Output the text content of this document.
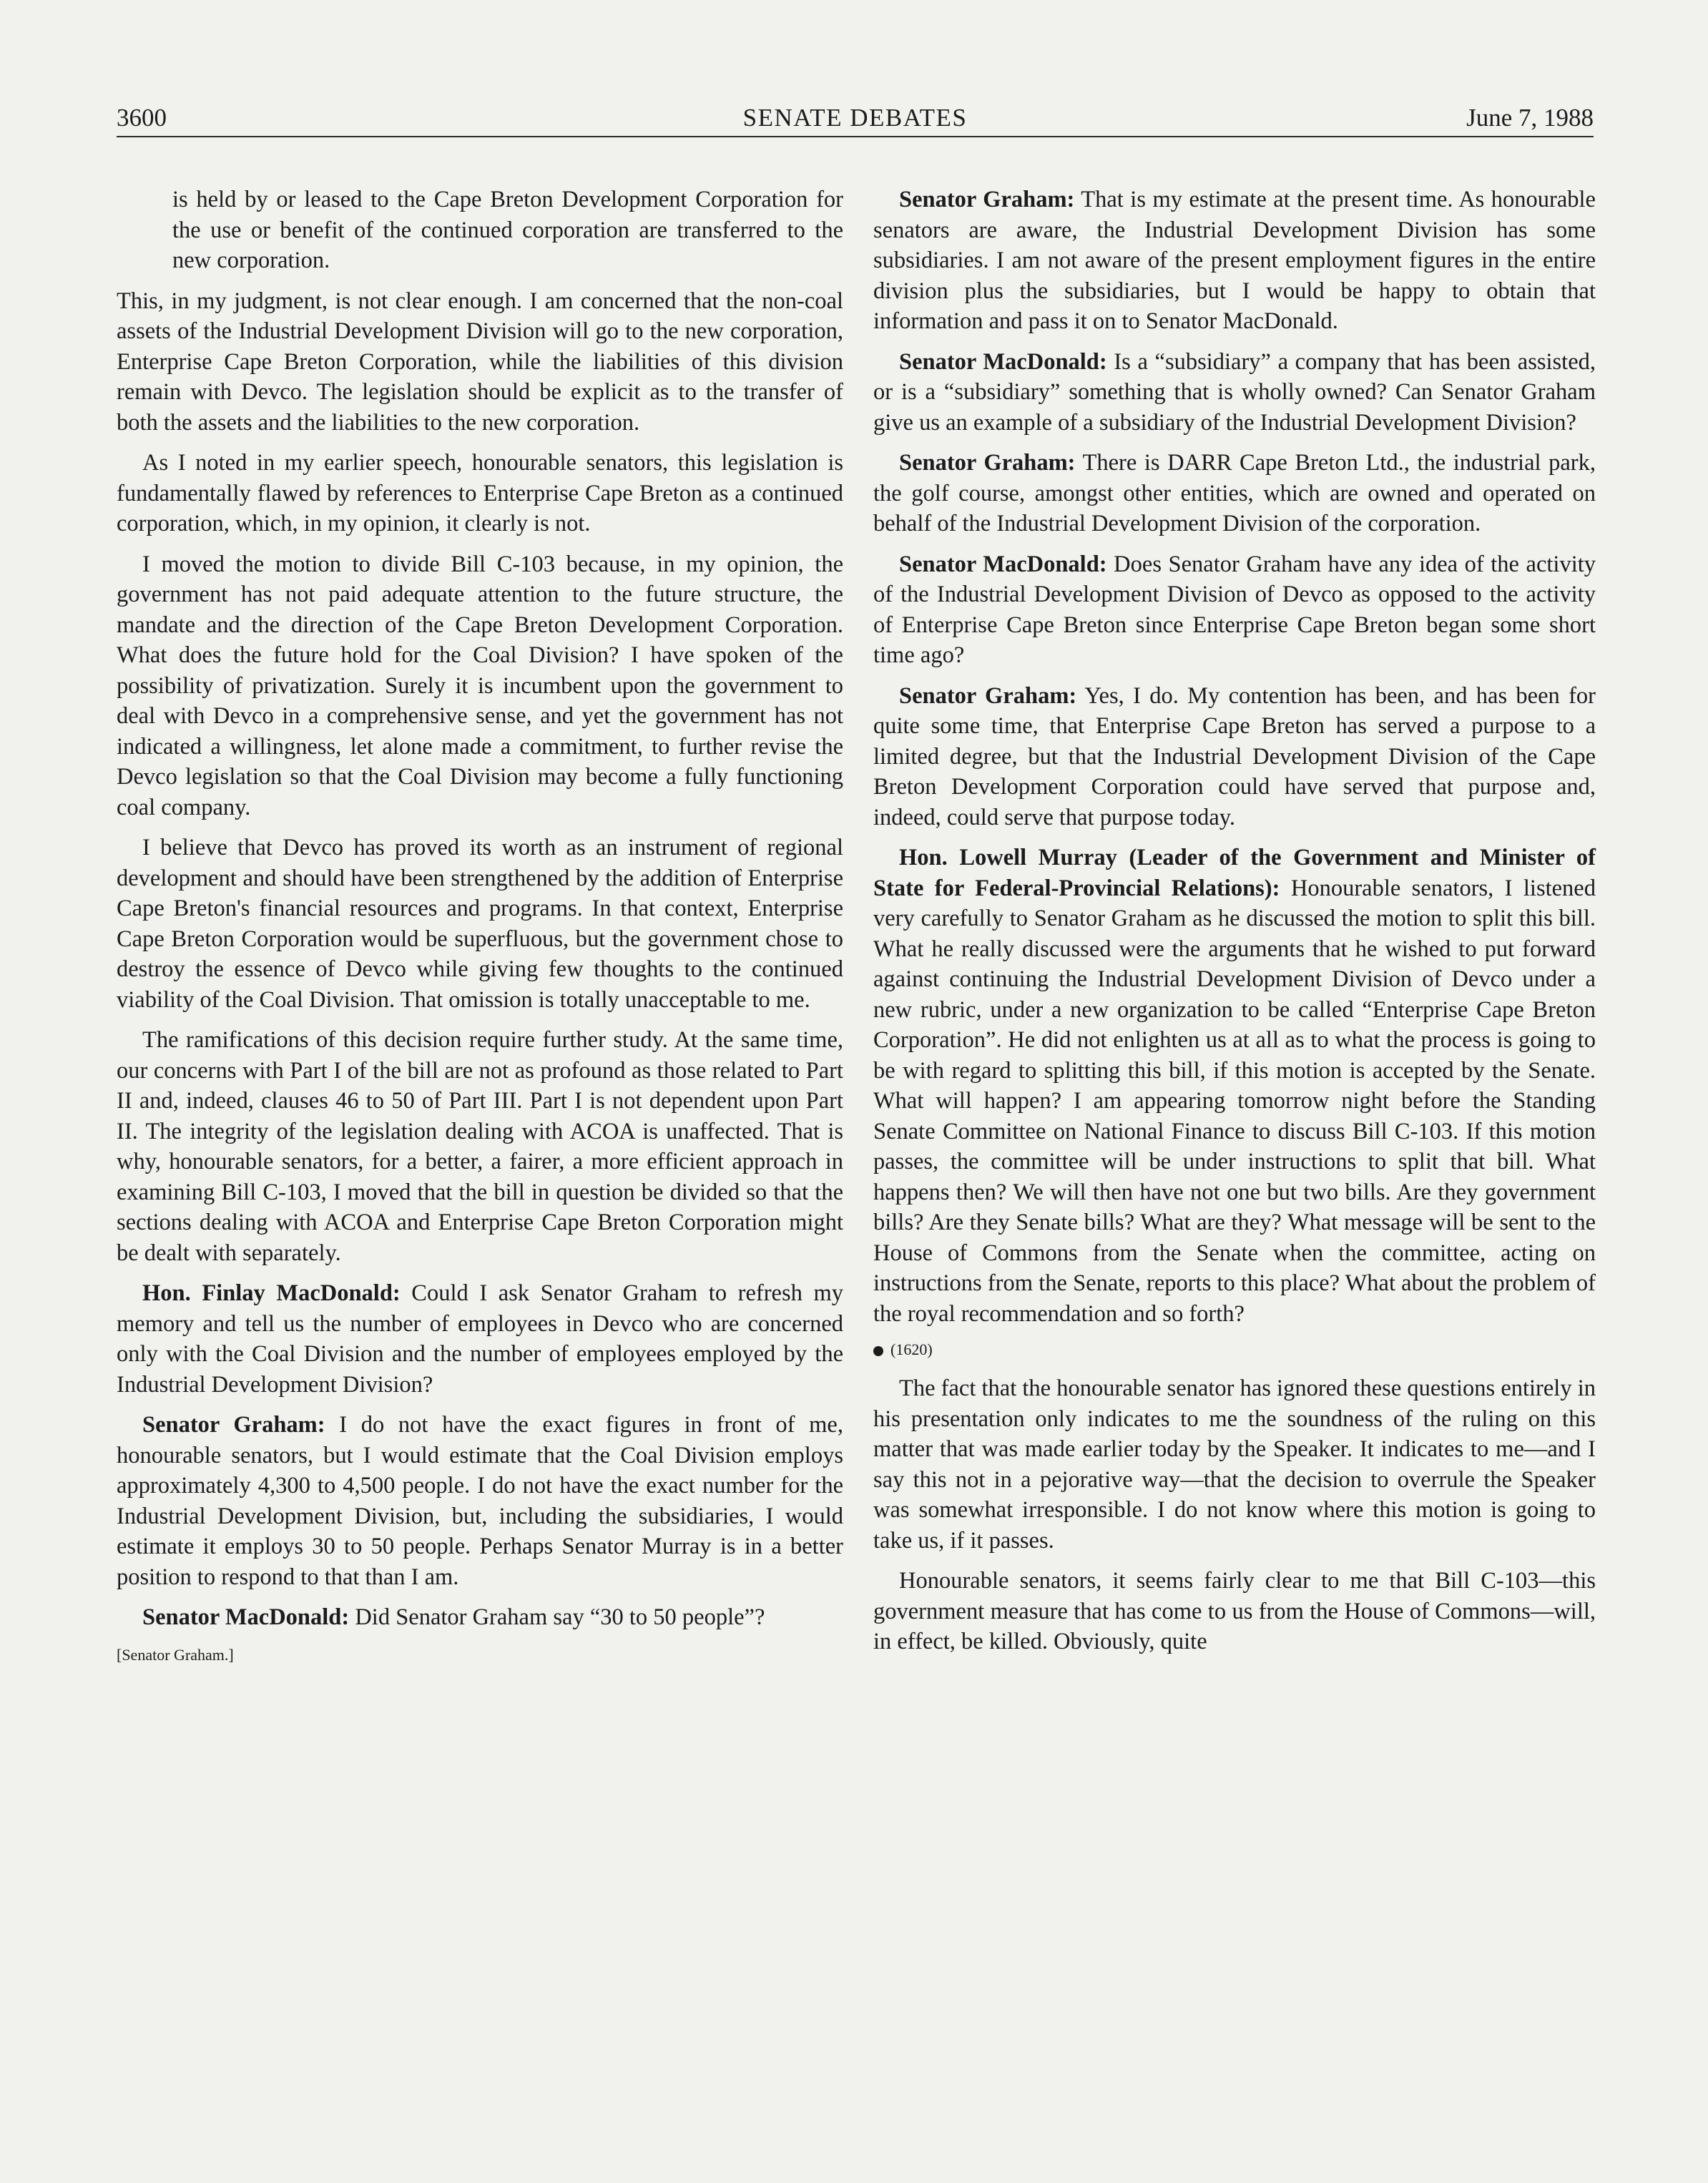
SENATE DEBATES
3600	June 7, 1988

is held by or leased to the Cape Breton Development Corporation for the use or benefit of the continued corporation are transferred to the new corporation.

This, in my judgment, is not clear enough. I am concerned that the non-coal assets of the Industrial Development Division will go to the new corporation, Enterprise Cape Breton Corporation, while the liabilities of this division remain with Devco. The legislation should be explicit as to the transfer of both the assets and the liabilities to the new corporation.

As I noted in my earlier speech, honourable senators, this legislation is fundamentally flawed by references to Enterprise Cape Breton as a continued corporation, which, in my opinion, it clearly is not.

I moved the motion to divide Bill C-103 because, in my opinion, the government has not paid adequate attention to the future structure, the mandate and the direction of the Cape Breton Development Corporation. What does the future hold for the Coal Division? I have spoken of the possibility of privatization. Surely it is incumbent upon the government to deal with Devco in a comprehensive sense, and yet the government has not indicated a willingness, let alone made a commitment, to further revise the Devco legislation so that the Coal Division may become a fully functioning coal company.

I believe that Devco has proved its worth as an instrument of regional development and should have been strengthened by the addition of Enterprise Cape Breton's financial resources and programs. In that context, Enterprise Cape Breton Corporation would be superfluous, but the government chose to destroy the essence of Devco while giving few thoughts to the continued viability of the Coal Division. That omission is totally unacceptable to me.

The ramifications of this decision require further study. At the same time, our concerns with Part I of the bill are not as profound as those related to Part II and, indeed, clauses 46 to 50 of Part III. Part I is not dependent upon Part II. The integrity of the legislation dealing with ACOA is unaffected. That is why, honourable senators, for a better, a fairer, a more efficient approach in examining Bill C-103, I moved that the bill in question be divided so that the sections dealing with ACOA and Enterprise Cape Breton Corporation might be dealt with separately.

Hon. Finlay MacDonald: Could I ask Senator Graham to refresh my memory and tell us the number of employees in Devco who are concerned only with the Coal Division and the number of employees employed by the Industrial Development Division?

Senator Graham: I do not have the exact figures in front of me, honourable senators, but I would estimate that the Coal Division employs approximately 4,300 to 4,500 people. I do not have the exact number for the Industrial Development Division, but, including the subsidiaries, I would estimate it employs 30 to 50 people. Perhaps Senator Murray is in a better position to respond to that than I am.

Senator MacDonald: Did Senator Graham say “30 to 50 people”?

[Senator Graham.]

Senator Graham: That is my estimate at the present time. As honourable senators are aware, the Industrial Development Division has some subsidiaries. I am not aware of the present employment figures in the entire division plus the subsidiaries, but I would be happy to obtain that information and pass it on to Senator MacDonald.

Senator MacDonald: Is a “subsidiary” a company that has been assisted, or is a “subsidiary” something that is wholly owned? Can Senator Graham give us an example of a subsidiary of the Industrial Development Division?

Senator Graham: There is DARR Cape Breton Ltd., the industrial park, the golf course, amongst other entities, which are owned and operated on behalf of the Industrial Development Division of the corporation.

Senator MacDonald: Does Senator Graham have any idea of the activity of the Industrial Development Division of Devco as opposed to the activity of Enterprise Cape Breton since Enterprise Cape Breton began some short time ago?

Senator Graham: Yes, I do. My contention has been, and has been for quite some time, that Enterprise Cape Breton has served a purpose to a limited degree, but that the Industrial Development Division of the Cape Breton Development Corporation could have served that purpose and, indeed, could serve that purpose today.

Hon. Lowell Murray (Leader of the Government and Minister of State for Federal-Provincial Relations): Honourable senators, I listened very carefully to Senator Graham as he discussed the motion to split this bill. What he really discussed were the arguments that he wished to put forward against continuing the Industrial Development Division of Devco under a new rubric, under a new organization to be called “Enterprise Cape Breton Corporation”. He did not enlighten us at all as to what the process is going to be with regard to splitting this bill, if this motion is accepted by the Senate. What will happen? I am appearing tomorrow night before the Standing Senate Committee on National Finance to discuss Bill C-103. If this motion passes, the committee will be under instructions to split that bill. What happens then? We will then have not one but two bills. Are they government bills? Are they Senate bills? What are they? What message will be sent to the House of Commons from the Senate when the committee, acting on instructions from the Senate, reports to this place? What about the problem of the royal recommendation and so forth?

(1620)

The fact that the honourable senator has ignored these questions entirely in his presentation only indicates to me the soundness of the ruling on this matter that was made earlier today by the Speaker. It indicates to me—and I say this not in a pejorative way—that the decision to overrule the Speaker was somewhat irresponsible. I do not know where this motion is going to take us, if it passes.

Honourable senators, it seems fairly clear to me that Bill C-103—this government measure that has come to us from the House of Commons—will, in effect, be killed. Obviously, quite
